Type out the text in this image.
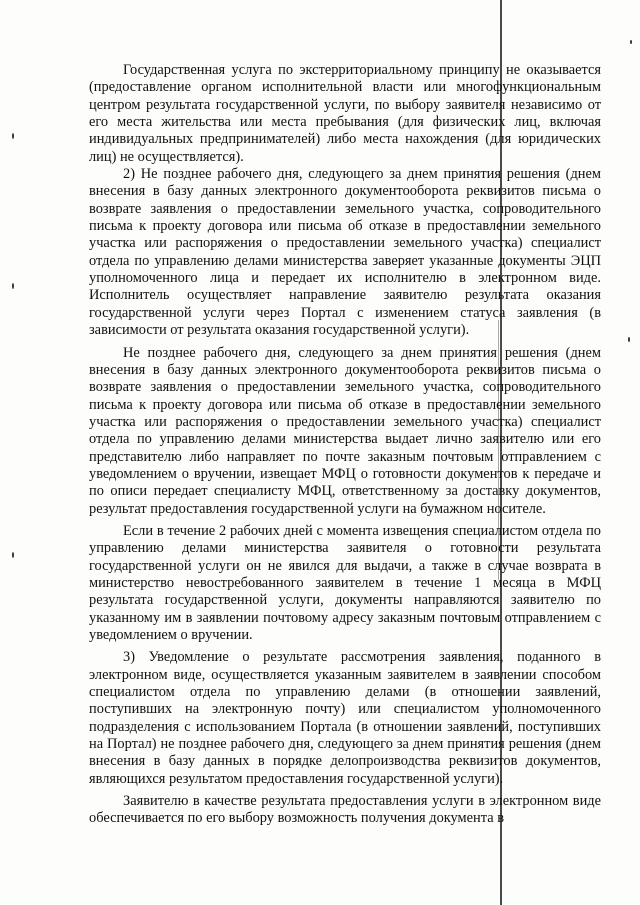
Государственная услуга по экстерриториальному принципу не оказывается (предоставление органом исполнительной власти или многофункциональным центром результата государственной услуги, по выбору заявителя независимо от его места жительства или места пребывания (для физических лиц, включая индивидуальных предпринимателей) либо места нахождения (для юридических лиц) не осуществляется).

2) Не позднее рабочего дня, следующего за днем принятия решения (днем внесения в базу данных электронного документооборота реквизитов письма о возврате заявления о предоставлении земельного участка, сопроводительного письма к проекту договора или письма об отказе в предоставлении земельного участка или распоряжения о предоставлении земельного участка) специалист отдела по управлению делами министерства заверяет указанные документы ЭЦП уполномоченного лица и передает их исполнителю в электронном виде. Исполнитель осуществляет направление заявителю результата оказания государственной услуги через Портал с изменением статуса заявления (в зависимости от результата оказания государственной услуги).

Не позднее рабочего дня, следующего за днем принятия решения (днем внесения в базу данных электронного документооборота реквизитов письма о возврате заявления о предоставлении земельного участка, сопроводительного письма к проекту договора или письма об отказе в предоставлении земельного участка или распоряжения о предоставлении земельного участка) специалист отдела по управлению делами министерства выдает лично заявителю или его представителю либо направляет по почте заказным почтовым отправлением с уведомлением о вручении, извещает МФЦ о готовности документов к передаче и по описи передает специалисту МФЦ, ответственному за доставку документов, результат предоставления государственной услуги на бумажном носителе.

Если в течение 2 рабочих дней с момента извещения специалистом отдела по управлению делами министерства заявителя о готовности результата государственной услуги он не явился для выдачи, а также в случае возврата в министерство невостребованного заявителем в течение 1 месяца в МФЦ результата государственной услуги, документы направляются заявителю по указанному им в заявлении почтовому адресу заказным почтовым отправлением с уведомлением о вручении.

3) Уведомление о результате рассмотрения заявления, поданного в электронном виде, осуществляется указанным заявителем в заявлении способом специалистом отдела по управлению делами (в отношении заявлений, поступивших на электронную почту) или специалистом уполномоченного подразделения с использованием Портала (в отношении заявлений, поступивших на Портал) не позднее рабочего дня, следующего за днем принятия решения (днем внесения в базу данных в порядке делопроизводства реквизитов документов, являющихся результатом предоставления государственной услуги).

Заявителю в качестве результата предоставления услуги в электронном виде обеспечивается по его выбору возможность получения документа в
